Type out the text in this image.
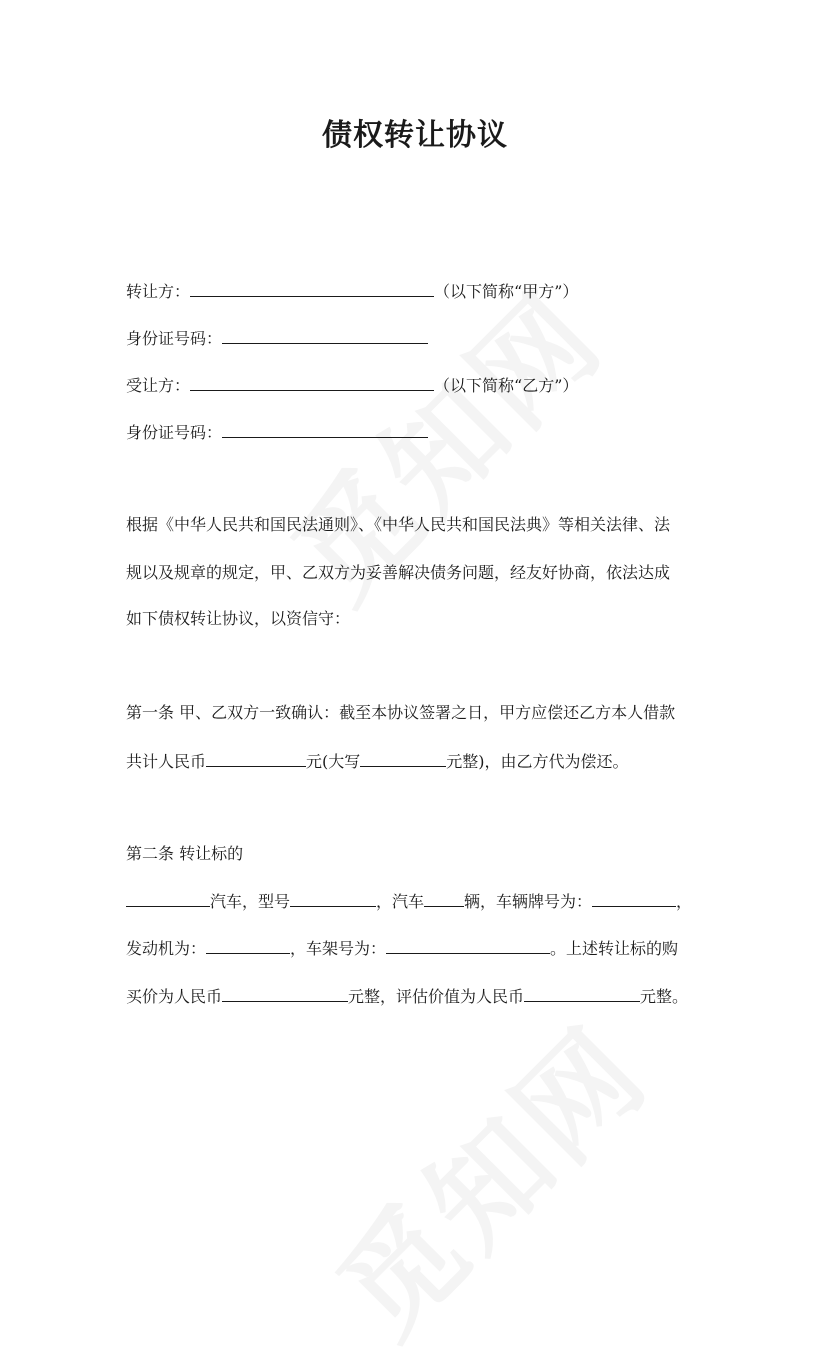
债权转让协议
转让方：	（以下简称“甲方”）
身份证号码：
受让方：	（以下简称“乙方”）
身份证号码：
根据《中华人民共和国民法通则》、《中华人民共和国民法典》等相关法律、法
规以及规章的规定，甲、乙双方为妥善解决债务问题，经友好协商，依法达成
如下债权转让协议，以资信守：
第一条 甲、乙双方一致确认：截至本协议签署之日，甲方应偿还乙方本人借款
共计人民币	元(大写	元整)，由乙方代为偿还。
第二条 转让标的
汽车，型号	，汽车	辆，车辆牌号为：	，
发动机为：	，车架号为：	。上述转让标的购
买价为人民币	元整，评估价值为人民币	元整。
